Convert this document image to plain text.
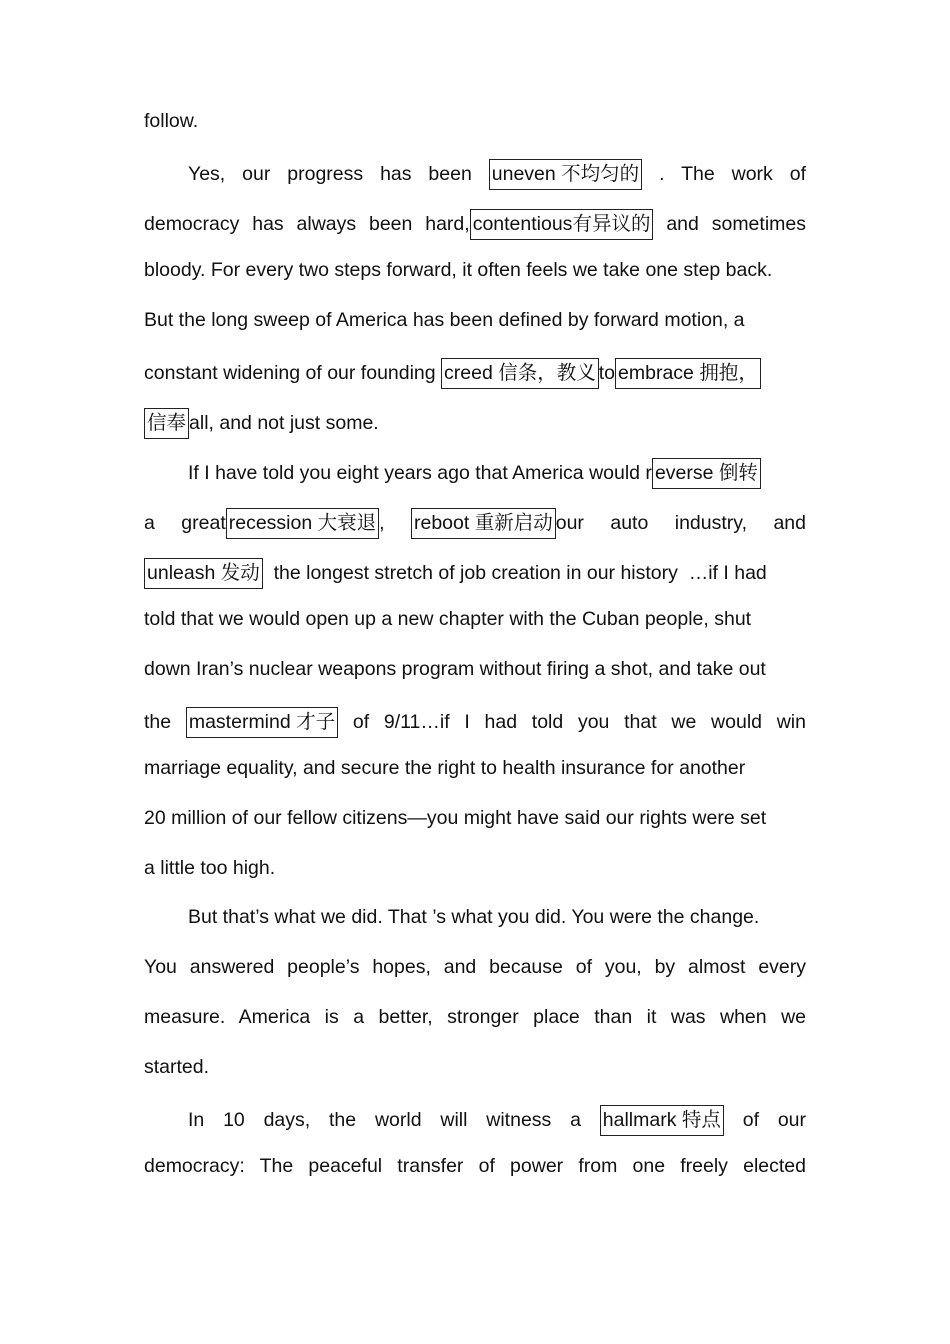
follow.
Yes, our progress has been uneven 不均匀的 . The work of
democracy has always been hard, contentious有异议的 and sometimes
bloody. For every two steps forward, it often feels we take one step back.
But the long sweep of America has been defined by forward motion, a
constant widening of our founding creed 信条，教义 to embrace 拥抱，
信奉 all, and not just some.
If I have told you eight years ago that America would r everse 倒转
a greatrecession 大衰退 , reboot 重新启动our auto industry, and
unleash 发动  the longest stretch of job creation in our history  …if I had
told that we would open up a new chapter with the Cuban people, shut
down Iran’s nuclear weapons program without firing a shot, and take out
the mastermind 才子 of 9/11…if I had told you that we would win
marriage equality, and secure the right to health insurance for another
20 million of our fellow citizens—you might have said our rights were set
a little too high.
But that’s what we did. That ’s what you did. You were the change.
You answered people’s hopes, and because of you, by almost every
measure. America is a better, stronger place than it was when we
started.
In 10 days, the world will witness a hallmark 特点 of our
democracy: The peaceful transfer of power from one freely elected
